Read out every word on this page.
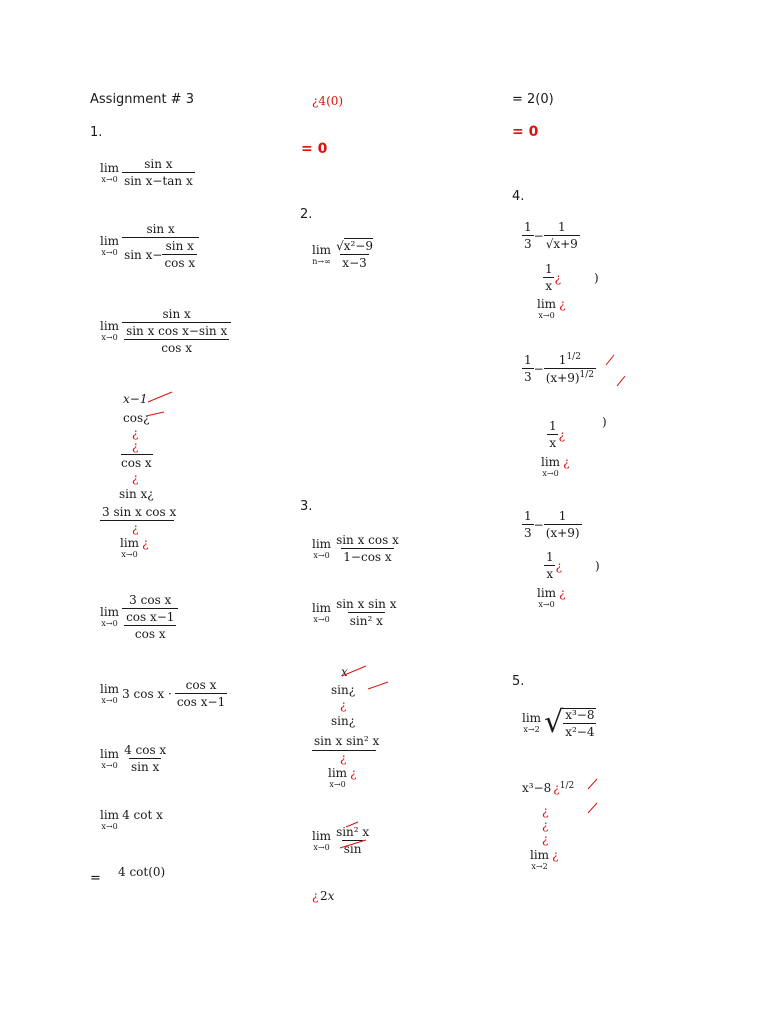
Assignment # 3
1.
lim
$x\to 0 \frac{\text{sin x}}{\text{sin x−tan x}}$
lim
$x\to 0 \frac{\text{sin x}}{\sin x- \frac{\text{sin x}}{\text{cos x}}}$
lim
$x\to 0 \frac{\text{sin x}}{\frac{\text{sin x cos x−sin x}}{\text{cos x}}}$
x−1
cos¿
¿
¿
cos x
¿
sin x¿
3 sin x cos x
¿
lim
x→0
¿
lim
$x\to 0 \frac{\text{3 cos x}}{\frac{\text{cos x−1}}{\text{cos x}}}$
lim
x→0 3 $\cos x \cdot \frac{\text{cos x}}{\text{cos x−1}}$
lim
$x\to 0 \frac{\text{4 cos x}}{\text{sin x}}$
lim
x→0
4 cot x
= 4 cot(0)
¿4(0)
= 0
2.
lim
$n\to\infty \frac{\text{√x²−9}}{x-3}$
3.
lim
$x\to 0 \frac{\text{sin x cos x}}{\text{1−cos x}}$
lim
$x\to 0 \frac{\text{sin x sin x}}{\text{sin² x}}$
x
sin¿
¿
sin¿
sin x sin² x
¿
lim
x→0
¿
lim
$x\to 0 \frac{\text{sin² x}}{\sin}$
¿ 2x
= 2(0)
= 0
4.
$\frac{1}{3} - \frac{1}{√x+9}$
$\frac{1}{x}$ ¿	)
lim
x→0
¿
$\frac{1}{3} - \frac{1^{1/2}}{(x+9)^{1/2}}$
$\frac{1}{x}$ ¿
)
lim
x→0
¿
$\frac{1}{3} - \frac{1}{(x+9)}$
$\frac{1}{x}$ ¿	)
lim
x→0
¿
5.
lim
x→2 √ $\frac{\text{x³−8}}{\text{x²−4}}$
x³−8 ¿ 1/2
¿
¿
¿
lim
x→2
¿
